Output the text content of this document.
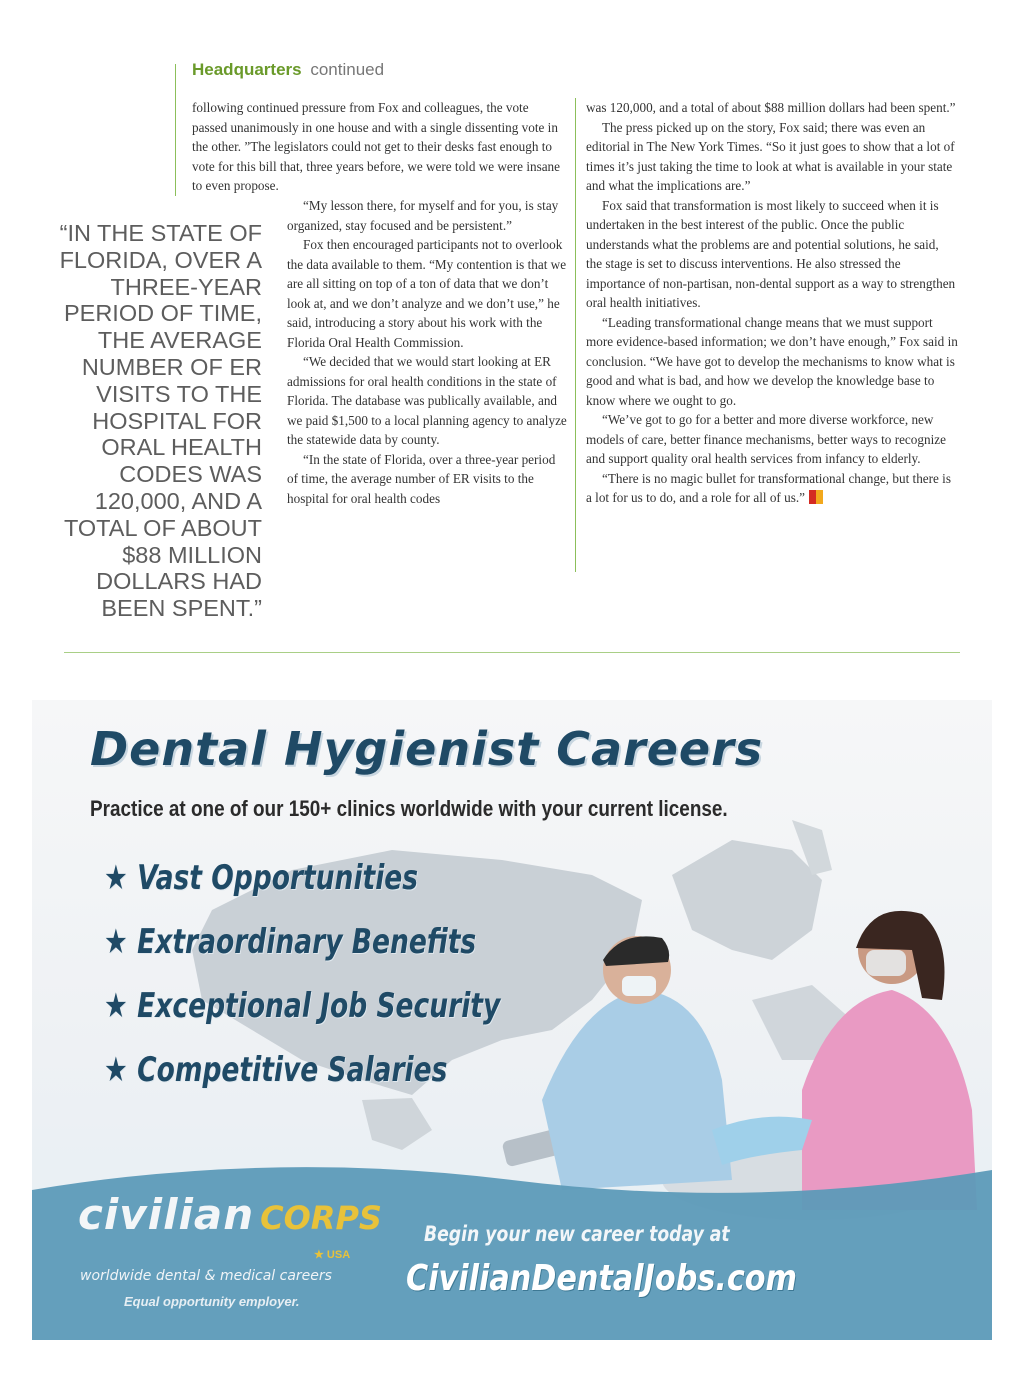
Headquarters continued

following continued pressure from Fox and colleagues, the vote passed unanimously in one house and with a single dissenting vote in the other. ”The legislators could not get to their desks fast enough to vote for this bill that, three years before, we were told we were insane to even propose.

“My lesson there, for myself and for you, is stay organized, stay focused and be persistent.”

Fox then encouraged participants not to overlook the data available to them. “My contention is that we are all sitting on top of a ton of data that we don’t look at, and we don’t analyze and we don’t use,” he said, introducing a story about his work with the Florida Oral Health Commission.

“We decided that we would start looking at ER admissions for oral health conditions in the state of Florida. The database was publically available, and we paid $1,500 to a local planning agency to analyze the statewide data by county.

“In the state of Florida, over a three-year period of time, the average number of ER visits to the hospital for oral health codes

was 120,000, and a total of about $88 million dollars had been spent.”

The press picked up on the story, Fox said; there was even an editorial in The New York Times. “So it just goes to show that a lot of times it’s just taking the time to look at what is available in your state and what the implications are.”

Fox said that transformation is most likely to succeed when it is undertaken in the best interest of the public. Once the public understands what the problems are and potential solutions, he said, the stage is set to discuss interventions. He also stressed the importance of non-partisan, non-dental support as a way to strengthen oral health initiatives.

“Leading transformational change means that we must support more evidence-based information; we don’t have enough,” Fox said in conclusion. “We have got to develop the mechanisms to know what is good and what is bad, and how we develop the knowledge base to know where we ought to go.

“We’ve got to go for a better and more diverse workforce, new models of care, better finance mechanisms, better ways to recognize and support quality oral health services from infancy to elderly.

“There is no magic bullet for transformational change, but there is a lot for us to do, and a role for all of us.”

“IN THE STATE OF FLORIDA, OVER A THREE-YEAR PERIOD OF TIME, THE AVERAGE NUMBER OF ER VISITS TO THE HOSPITAL FOR ORAL HEALTH CODES WAS 120,000, AND A TOTAL OF ABOUT $88 MILLION DOLLARS HAD BEEN SPENT.”
Dental Hygienist Careers
Practice at one of our 150+ clinics worldwide with your current license.
★ Vast Opportunities
★ Extraordinary Benefits
★ Exceptional Job Security
★ Competitive Salaries
civilian CORPS
★ USA
worldwide dental & medical careers
Equal opportunity employer.
Begin your new career today at
CivilianDentalJobs.com
